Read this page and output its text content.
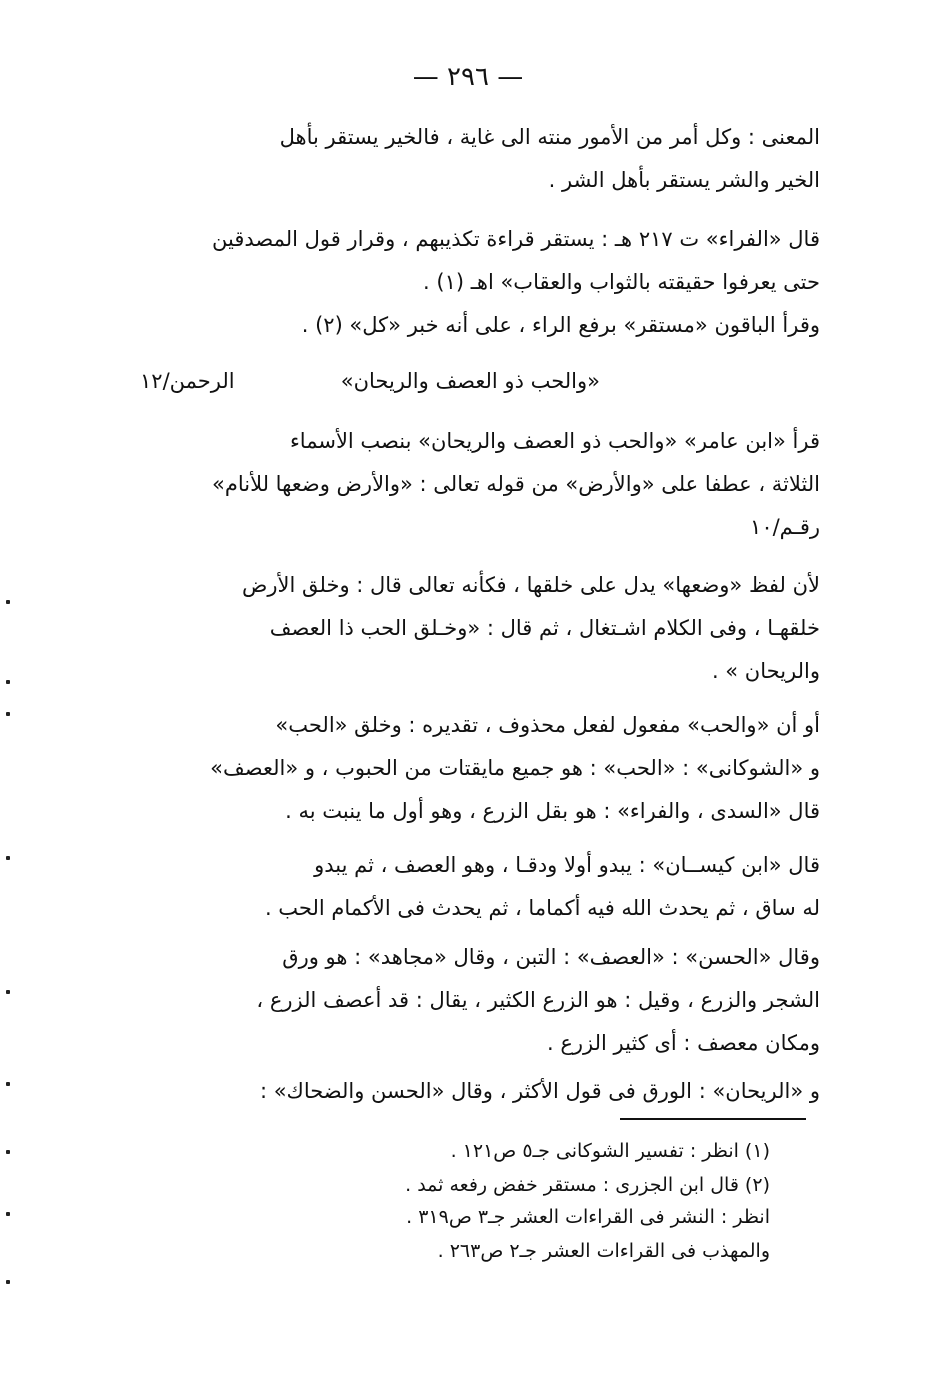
— ٢٩٦ —
المعنى : وكل أمر من الأمور منته الى غاية ، فالخير يستقر بأهل
الخير والشر يستقر بأهل الشر .
قال «الفراء» ت ٢١٧ هـ : يستقر قراءة تكذيبهم ، وقرار قول المصدقين
حتى يعرفوا حقيقته بالثواب والعقاب» اهـ (١) .
وقرأ الباقون «مستقر» برفع الراء ، على أنه خبر «كل» (٢) .
«والحب ذو العصف والريحان»
الرحمن/١٢
قرأ «ابن عامر» «والحب ذو العصف والريحان» بنصب الأسماء
الثلاثة ، عطفا على «والأرض» من قوله تعالى : «والأرض وضعها للأنام»
رقـم/١٠
لأن لفظ «وضعها» يدل على خلقها ، فكأنه تعالى قال : وخلق الأرض
خلقهـا ، وفى الكلام اشـتغال ، ثم قال : «وخـلق الحب ذا العصف
والريحان » .
أو أن «والحب» مفعول لفعل محذوف ، تقديره : وخلق «الحب»
و «الشوكانى» : «الحب» : هو جميع مايقتات من الحبوب ، و «العصف»
قال «السدى ، والفراء» : هو بقل الزرع ، وهو أول ما ينبت به .
قال «ابن كيســان» : يبدو أولا ودقـا ، وهو العصف ، ثم يبدو
له ساق ، ثم يحدث الله فيه أكماما ، ثم يحدث فى الأكمام الحب .
وقال «الحسن» : «العصف» : التبن ، وقال «مجاهد» : هو ورق
الشجر والزرع ، وقيل : هو الزرع الكثير ، يقال : قد أعصف الزرع ،
ومكان معصف : أى كثير الزرع .
و «الريحان» : الورق فى قول الأكثر ، وقال «الحسن والضحاك» :
(١) انظر : تفسير الشوكانى جـ٥ ص١٢١ .
(٢) قال ابن الجزرى : مستقر خفض رفعه ثمد .
انظر : النشر فى القراءات العشر جـ٣ ص٣١٩ .
والمهذب فى القراءات العشر جـ٢ ص٢٦٣ .
